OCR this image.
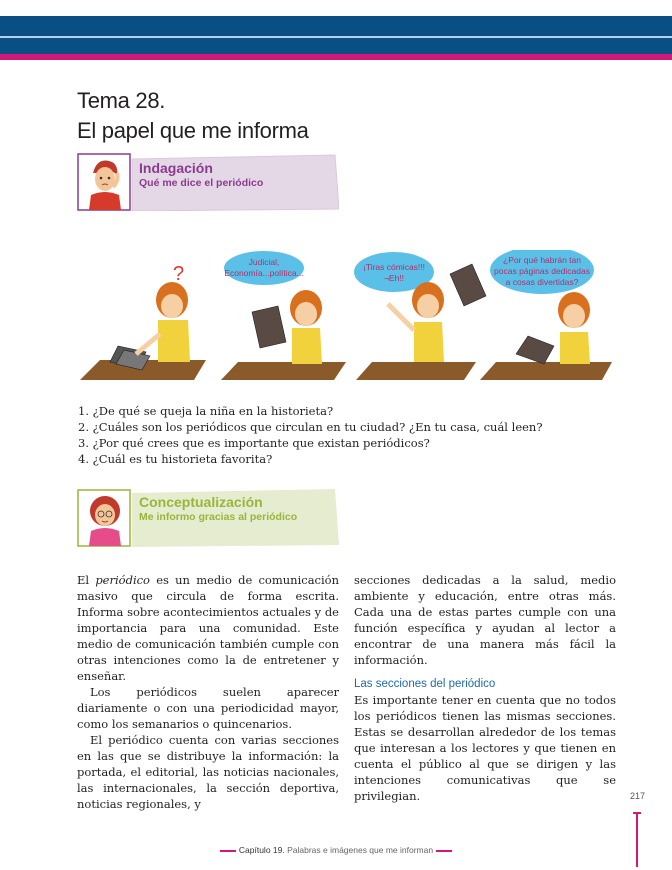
Tema 28.
El papel que me informa
Indagación
Qué me dice el periódico
?
Judicial,
Economía...política...
¡Tiras cómicas!!!
¬Eh!!
¿Por qué habrán tan
pocas páginas dedicadas
a cosas divertidas?
1. ¿De qué se queja la niña en la historieta?
2. ¿Cuáles son los periódicos que circulan en tu ciudad? ¿En tu casa, cuál leen?
3. ¿Por qué crees que es importante que existan periódicos?
4. ¿Cuál es tu historieta favorita?
Conceptualización
Me informo gracias al periódico

El periódico es un medio de comunicación masivo que circula de forma escrita. Informa sobre acontecimientos actuales y de importancia para una comunidad. Este medio de comunicación también cumple con otras intenciones como la de entretener y enseñar.

Los periódicos suelen aparecer diariamente o con una periodicidad mayor, como los semanarios o quincenarios.

El periódico cuenta con varias secciones en las que se distribuye la información: la portada, el editorial, las noticias nacionales, las internacionales, la sección deportiva, noticias regionales, y

secciones dedicadas a la salud, medio ambiente y educación, entre otras más. Cada una de estas partes cumple con una función específica y ayudan al lector a encontrar de una manera más fácil la información.

Las secciones del periódico

Es importante tener en cuenta que no todos los periódicos tienen las mismas secciones. Estas se desarrollan alrededor de los temas que interesan a los lectores y que tienen en cuenta el público al que se dirigen y las intenciones comunicativas que se privilegian.	217
Capítulo 19. Palabras e imágenes que me informan
